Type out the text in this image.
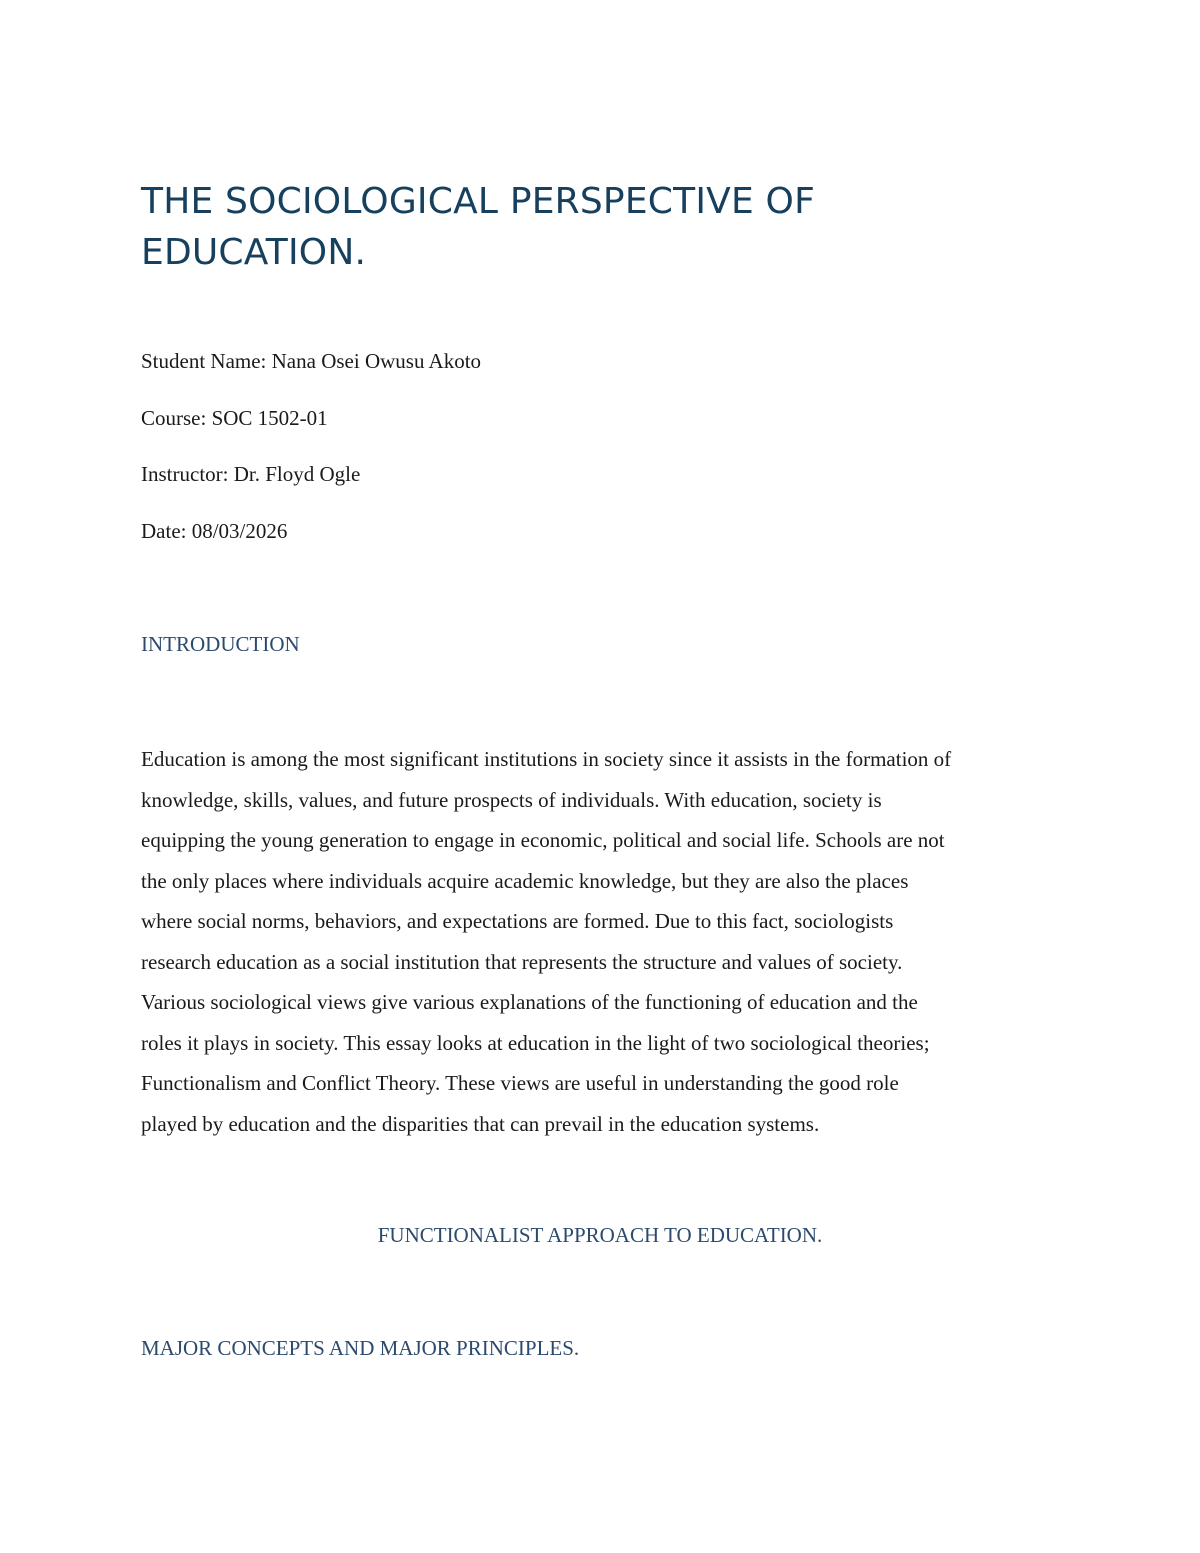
THE SOCIOLOGICAL PERSPECTIVE OF
EDUCATION.

Student Name: Nana Osei Owusu Akoto

Course: SOC 1502-01

Instructor: Dr. Floyd Ogle

Date: 08/03/2026

INTRODUCTION

Education is among the most significant institutions in society since it assists in the formation of
knowledge, skills, values, and future prospects of individuals. With education, society is
equipping the young generation to engage in economic, political and social life. Schools are not
the only places where individuals acquire academic knowledge, but they are also the places
where social norms, behaviors, and expectations are formed. Due to this fact, sociologists
research education as a social institution that represents the structure and values of society.
Various sociological views give various explanations of the functioning of education and the
roles it plays in society. This essay looks at education in the light of two sociological theories;
Functionalism and Conflict Theory. These views are useful in understanding the good role
played by education and the disparities that can prevail in the education systems.

FUNCTIONALIST APPROACH TO EDUCATION.
MAJOR CONCEPTS AND MAJOR PRINCIPLES.
